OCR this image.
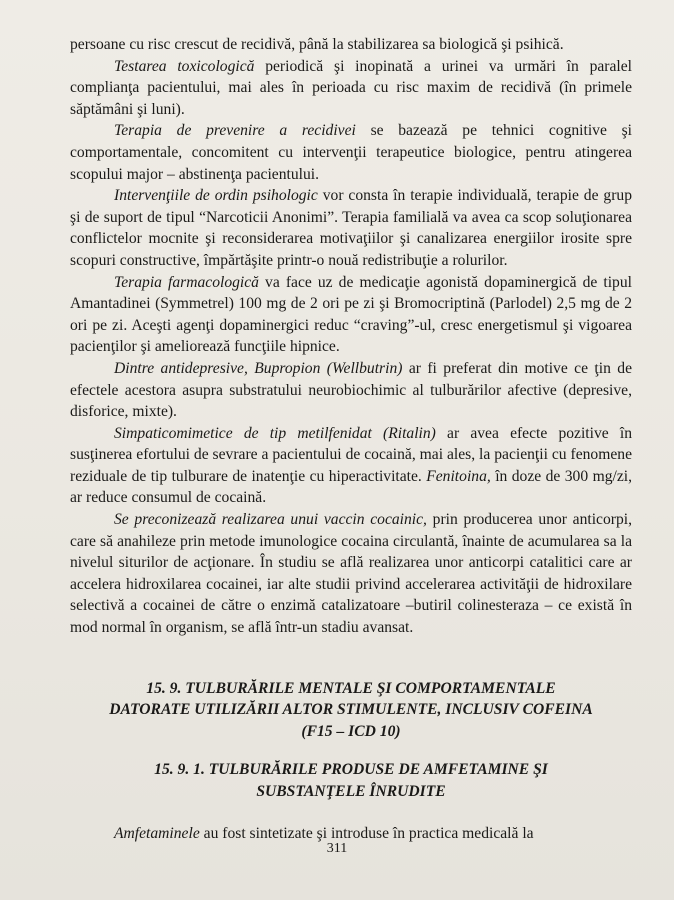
persoane cu risc crescut de recidivă, până la stabilizarea sa biologică şi psihică.

Testarea toxicologică periodică şi inopinată a urinei va urmări în paralel complianţa pacientului, mai ales în perioada cu risc maxim de recidivă (în primele săptămâni şi luni).

Terapia de prevenire a recidivei se bazează pe tehnici cognitive şi comportamentale, concomitent cu intervenţii terapeutice biologice, pentru atingerea scopului major – abstinenţa pacientului.

Intervenţiile de ordin psihologic vor consta în terapie individuală, terapie de grup şi de suport de tipul “Narcoticii Anonimi”. Terapia familială va avea ca scop soluţionarea conflictelor mocnite şi reconsiderarea motivaţiilor şi canalizarea energiilor irosite spre scopuri constructive, împărtăşite printr-o nouă redistribuţie a rolurilor.

Terapia farmacologică va face uz de medicaţie agonistă dopaminergică de tipul Amantadinei (Symmetrel) 100 mg de 2 ori pe zi şi Bromocriptină (Parlodel) 2,5 mg de 2 ori pe zi. Aceşti agenţi dopaminergici reduc “craving”-ul, cresc energetismul şi vigoarea pacienţilor şi ameliorează funcţiile hipnice.

Dintre antidepresive, Bupropion (Wellbutrin) ar fi preferat din motive ce ţin de efectele acestora asupra substratului neurobiochimic al tulburărilor afective (depresive, disforice, mixte).

Simpaticomimetice de tip metilfenidat (Ritalin) ar avea efecte pozitive în susţinerea efortului de sevrare a pacientului de cocaină, mai ales, la pacienţii cu fenomene reziduale de tip tulburare de inatenţie cu hiperactivitate. Fenitoina, în doze de 300 mg/zi, ar reduce consumul de cocaină.

Se preconizează realizarea unui vaccin cocainic, prin producerea unor anticorpi, care să anahileze prin metode imunologice cocaina circulantă, înainte de acumularea sa la nivelul siturilor de acţionare. În studiu se află realizarea unor anticorpi catalitici care ar accelera hidroxilarea cocainei, iar alte studii privind accelerarea activităţii de hidroxilare selectivă a cocainei de către o enzimă catalizatoare –butiril colinesteraza – ce există în mod normal în organism, se află într-un stadiu avansat.

15. 9. TULBURĂRILE MENTALE ŞI COMPORTAMENTALE
DATORATE UTILIZĂRII ALTOR STIMULENTE, INCLUSIV COFEINA
(F15 – ICD 10)
15. 9. 1. TULBURĂRILE PRODUSE DE AMFETAMINE ŞI
SUBSTANŢELE ÎNRUDITE

Amfetaminele au fost sintetizate şi introduse în practica medicală la

311
